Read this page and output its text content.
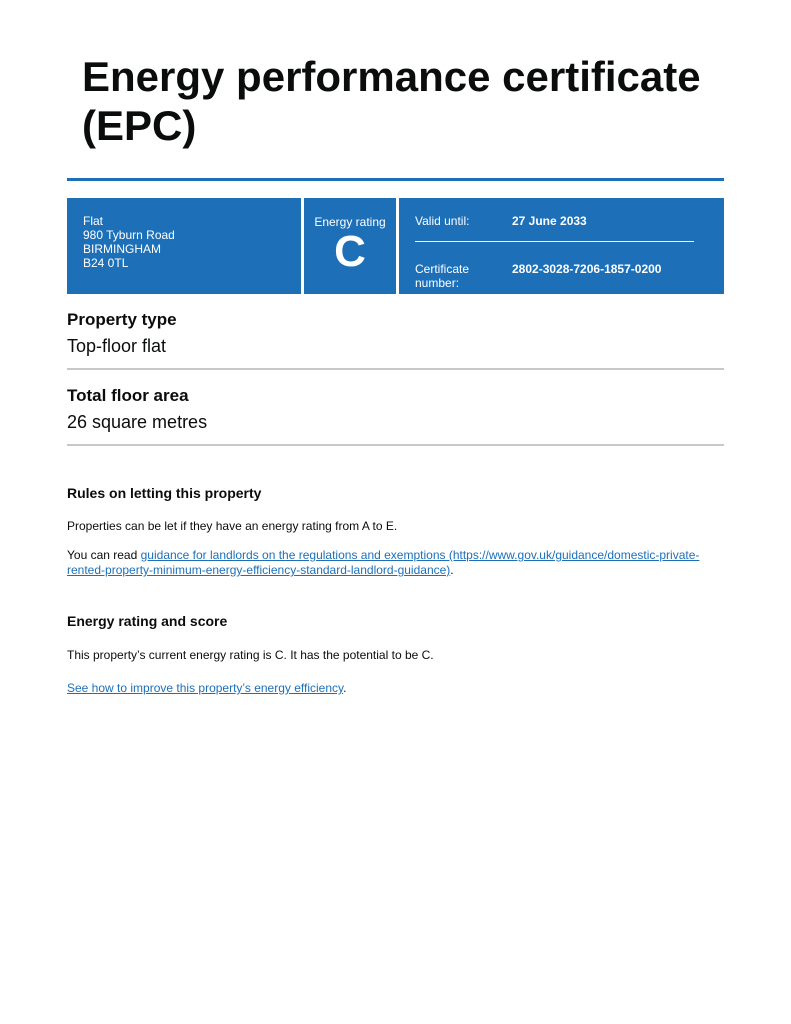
Energy performance certificate (EPC)
Flat
980 Tyburn Road
BIRMINGHAM
B24 0TL
Energy rating
C
Valid until:	27 June 2033
Certificate
number:
2802-3028-7206-1857-0200
Property type

Top-floor flat

Total floor area

26 square metres

Rules on letting this property

Properties can be let if they have an energy rating from A to E.

You can read guidance for landlords on the regulations and exemptions (https://www.gov.uk/guidance/domestic-private-
rented-property-minimum-energy-efficiency-standard-landlord-guidance).

Energy rating and score

This property’s current energy rating is C. It has the potential to be C.

See how to improve this property’s energy efficiency.
